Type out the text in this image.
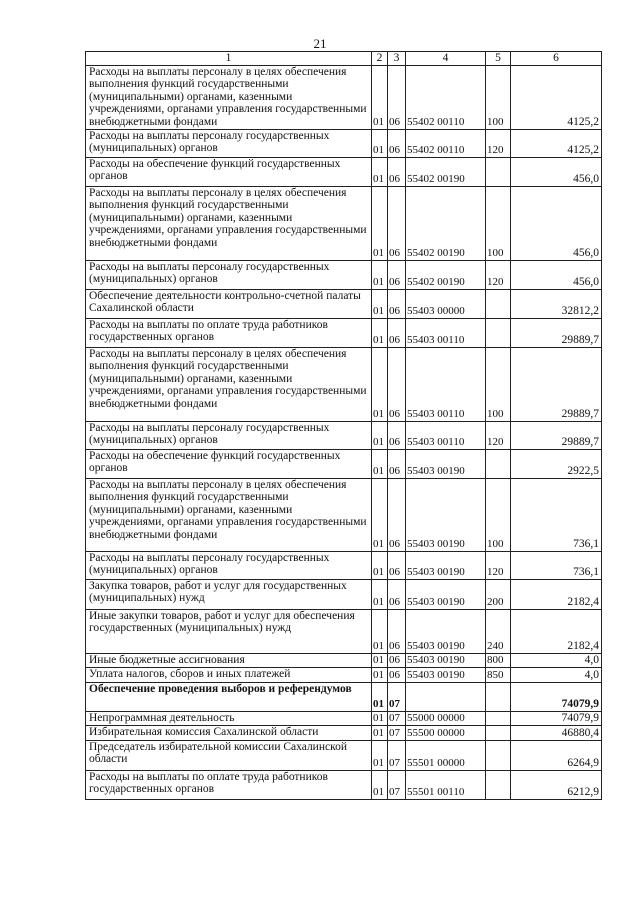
21
1	2	3	4	5	6
Расходы на выплаты персоналу в целях обеспечения выполнения функций государственными (муниципальными) органами, казенными учреждениями, органами управления государственными внебюджетными фондами	01	06	55402 00110	100	4125,2
Расходы на выплаты персоналу государственных (муниципальных) органов	01	06	55402 00110	120	4125,2
Расходы на обеспечение функций государственных органов	01	06	55402 00190		456,0
Расходы на выплаты персоналу в целях обеспечения выполнения функций государственными (муниципальными) органами, казенными учреждениями, органами управления государственными внебюджетными фондами	01	06	55402 00190	100	456,0
Расходы на выплаты персоналу государственных (муниципальных) органов	01	06	55402 00190	120	456,0
Обеспечение деятельности контрольно-счетной палаты Сахалинской области	01	06	55403 00000		32812,2
Расходы на выплаты по оплате труда работников государственных органов	01	06	55403 00110		29889,7
Расходы на выплаты персоналу в целях обеспечения выполнения функций государственными (муниципальными) органами, казенными учреждениями, органами управления государственными внебюджетными фондами	01	06	55403 00110	100	29889,7
Расходы на выплаты персоналу государственных (муниципальных) органов	01	06	55403 00110	120	29889,7
Расходы на обеспечение функций государственных органов	01	06	55403 00190		2922,5
Расходы на выплаты персоналу в целях обеспечения выполнения функций государственными (муниципальными) органами, казенными учреждениями, органами управления государственными внебюджетными фондами	01	06	55403 00190	100	736,1
Расходы на выплаты персоналу государственных (муниципальных) органов	01	06	55403 00190	120	736,1
Закупка товаров, работ и услуг для государственных (муниципальных) нужд	01	06	55403 00190	200	2182,4
Иные закупки товаров, работ и услуг для обеспечения государственных (муниципальных) нужд	01	06	55403 00190	240	2182,4
Иные бюджетные ассигнования	01	06	55403 00190	800	4,0
Уплата налогов, сборов и иных платежей	01	06	55403 00190	850	4,0
Обеспечение проведения выборов и референдумов	01	07			74079,9
Непрограммная деятельность	01	07	55000 00000		74079,9
Избирательная комиссия Сахалинской области	01	07	55500 00000		46880,4
Председатель избирательной комиссии Сахалинской области	01	07	55501 00000		6264,9
Расходы на выплаты по оплате труда работников государственных органов	01	07	55501 00110		6212,9
